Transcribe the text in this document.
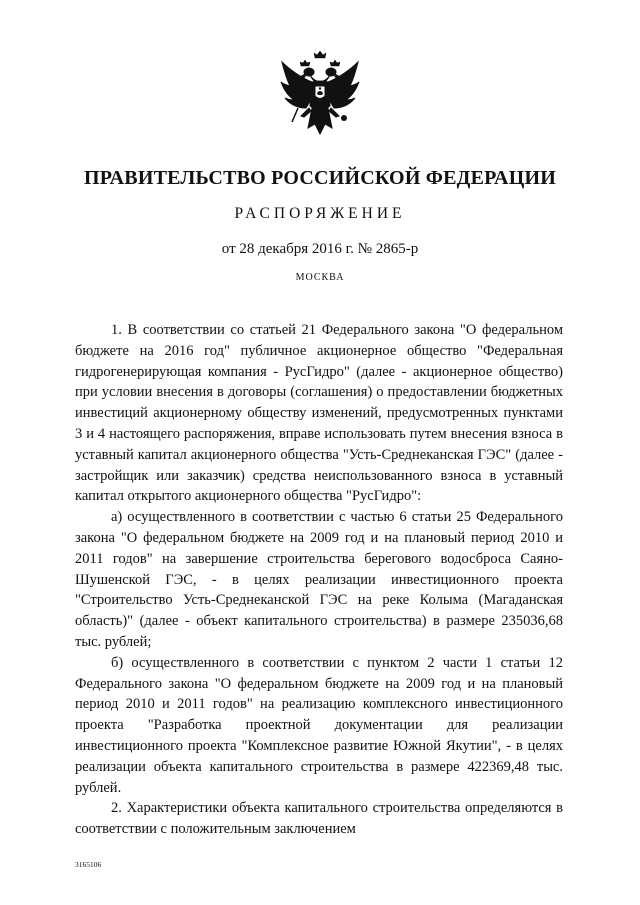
ПРАВИТЕЛЬСТВО РОССИЙСКОЙ ФЕДЕРАЦИИ
РАСПОРЯЖЕНИЕ
от 28 декабря 2016 г. № 2865-р
МОСКВА

1. В соответствии со статьей 21 Федерального закона "О федеральном бюджете на 2016 год" публичное акционерное общество "Федеральная гидрогенерирующая компания - РусГидро" (далее - акционерное общество) при условии внесения в договоры (соглашения) о предоставлении бюджетных инвестиций акционерному обществу изменений, предусмотренных пунктами 3 и 4 настоящего распоряжения, вправе использовать путем внесения взноса в уставный капитал акционерного общества "Усть-Среднеканская ГЭС" (далее - застройщик или заказчик) средства неиспользованного взноса в уставный капитал открытого акционерного общества "РусГидро":

а) осуществленного в соответствии с частью 6 статьи 25 Федерального закона "О федеральном бюджете на 2009 год и на плановый период 2010 и 2011 годов" на завершение строительства берегового водосброса Саяно-Шушенской ГЭС, - в целях реализации инвестиционного проекта "Строительство Усть-Среднеканской ГЭС на реке Колыма (Магаданская область)" (далее - объект капитального строительства) в размере 235036,68 тыс. рублей;

б) осуществленного в соответствии с пунктом 2 части 1 статьи 12 Федерального закона "О федеральном бюджете на 2009 год и на плановый период 2010 и 2011 годов" на реализацию комплексного инвестиционного проекта "Разработка проектной документации для реализации инвестиционного проекта "Комплексное развитие Южной Якутии", - в целях реализации объекта капитального строительства в размере 422369,48 тыс. рублей.

2. Характеристики объекта капитального строительства определяются в соответствии с положительным заключением

3165106
